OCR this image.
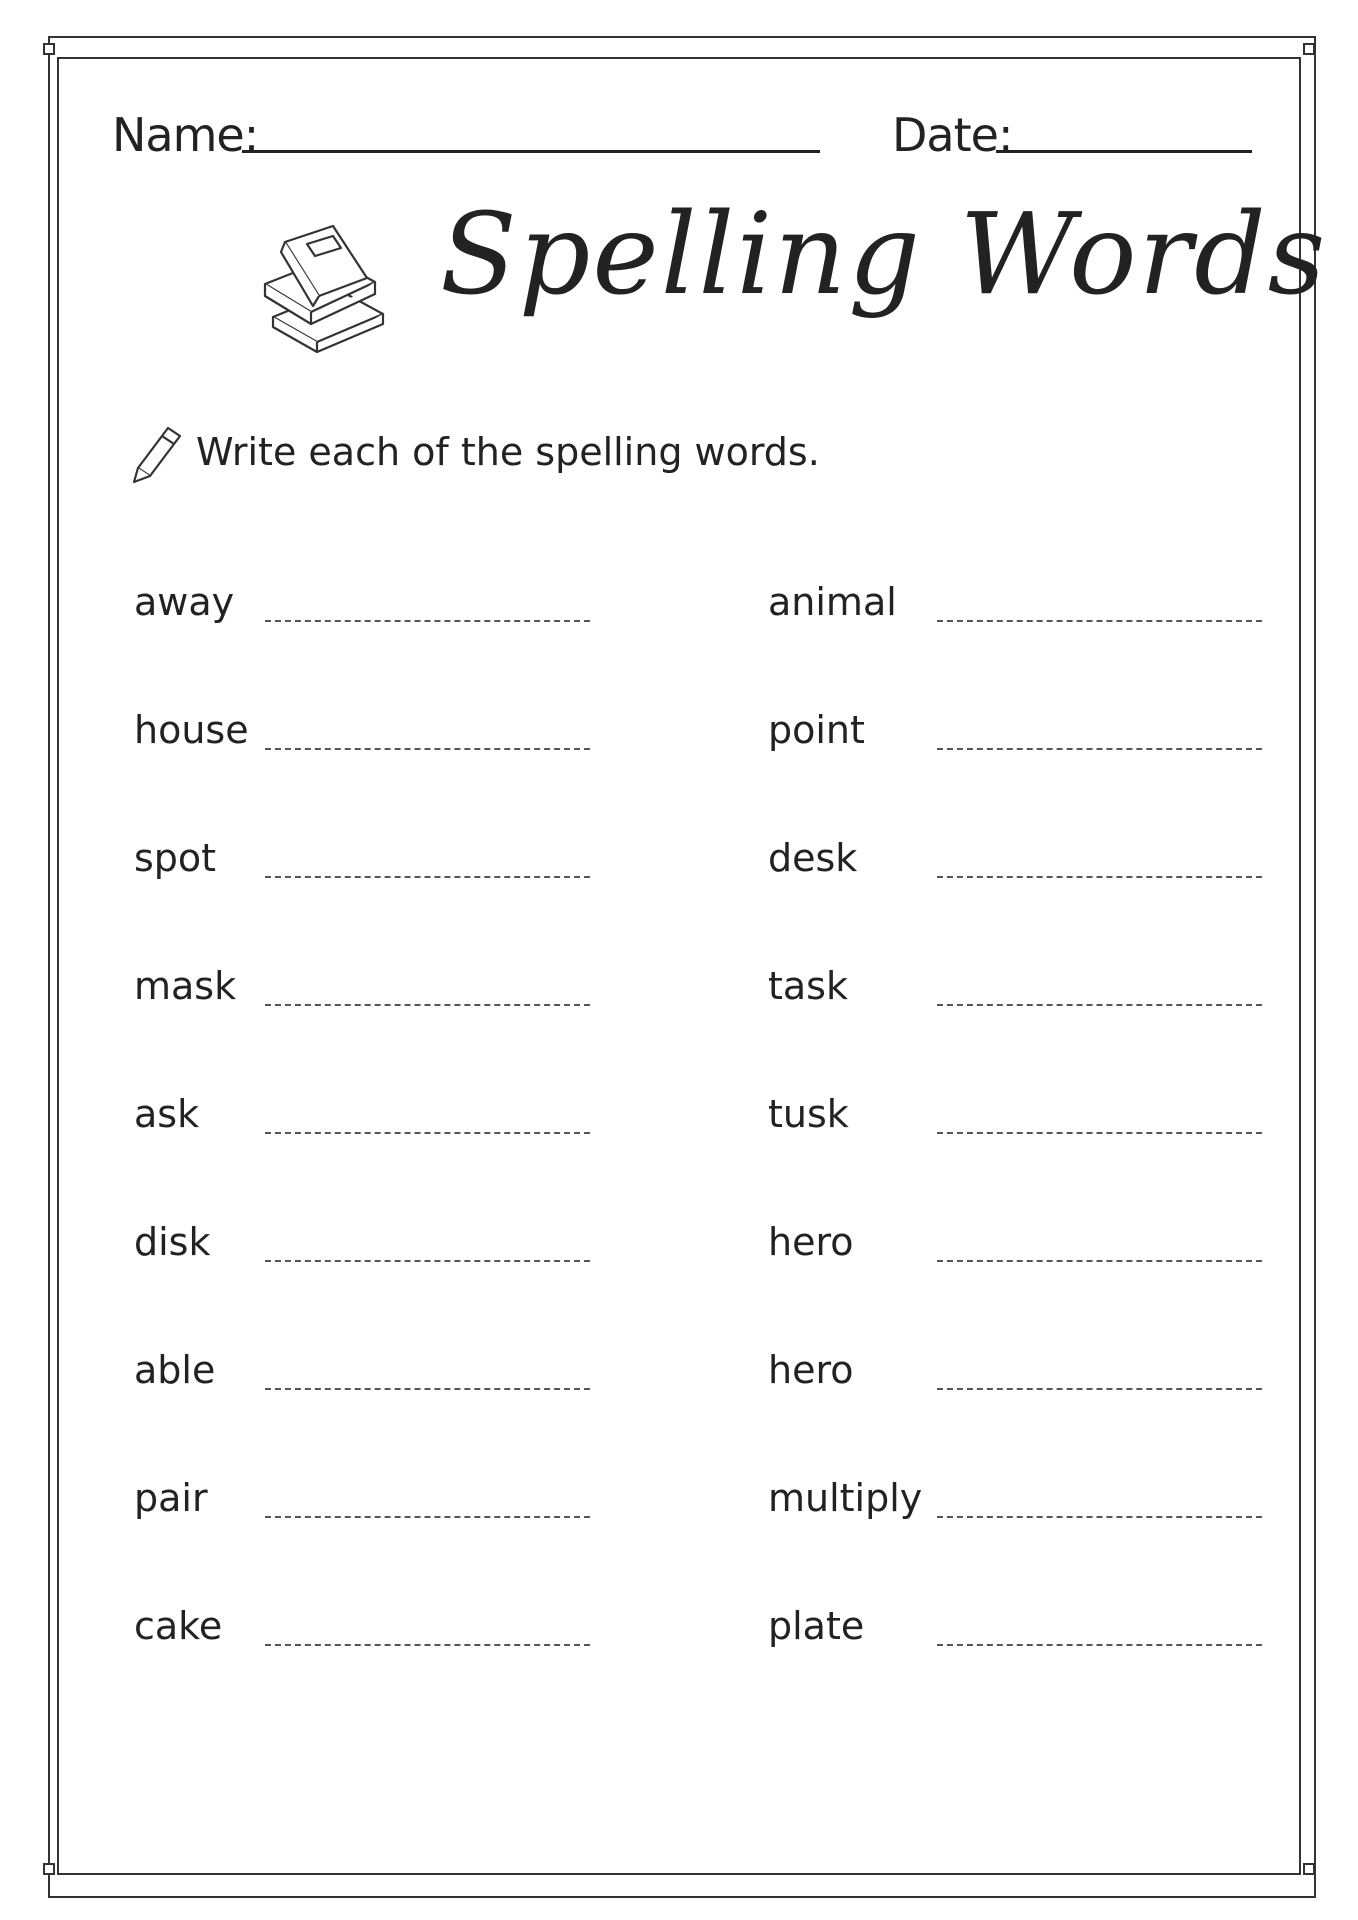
Name:	Date:
Spelling Words
Write each of the spelling words.
away
house
spot
mask
ask
disk
able
pair
cake
animal
point
desk
task
tusk
hero
hero
multiply
plate
